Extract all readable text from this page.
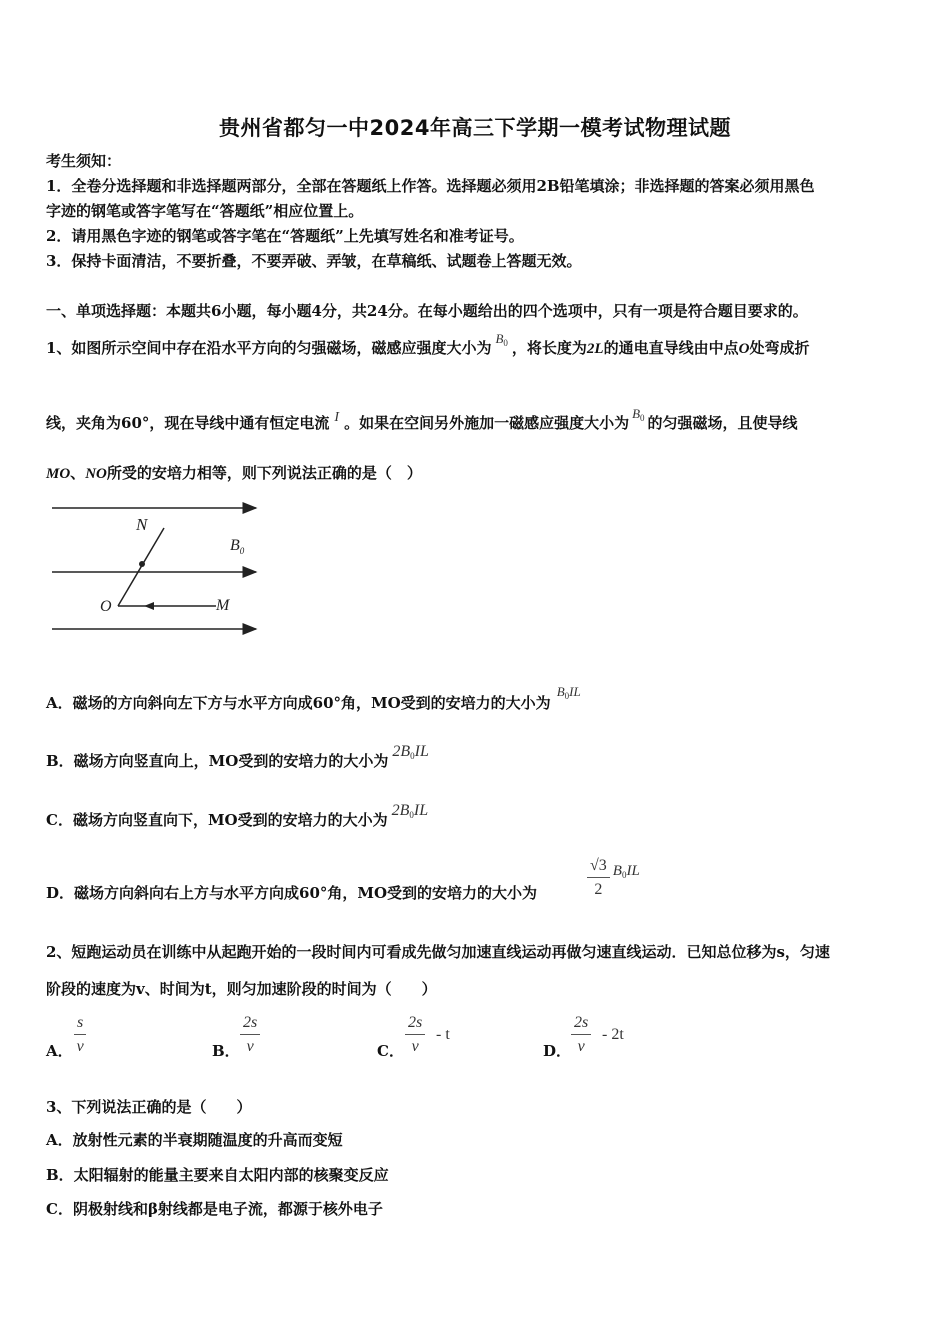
贵州省都匀一中2024年高三下学期一模考试物理试题
考生须知：
1．全卷分选择题和非选择题两部分，全部在答题纸上作答。选择题必须用2B铅笔填涂；非选择题的答案必须用黑色
字迹的钢笔或答字笔写在“答题纸”相应位置上。
2．请用黑色字迹的钢笔或答字笔在“答题纸”上先填写姓名和准考证号。
3．保持卡面清洁，不要折叠，不要弄破、弄皱，在草稿纸、试题卷上答题无效。
一、单项选择题：本题共6小题，每小题4分，共24分。在每小题给出的四个选项中，只有一项是符合题目要求的。
1、如图所示空间中存在沿水平方向的匀强磁场，磁感应强度大小为$B_0$ ，将长度为2L的通电直导线由中点O处弯成折
线，夹角为60°，现在导线中通有恒定电流 I 。如果在空间另外施加一磁感应强度大小为$B_0$ 的匀强磁场，且使导线
MO、NO所受的安培力相等，则下列说法正确的是（　）
N
$B_0$
O	M
A．磁场的方向斜向左下方与水平方向成60°角，MO受到的安培力的大小为$B_0IL$
B．磁场方向竖直向上，MO受到的安培力的大小为$2B_0IL$
C．磁场方向竖直向下，MO受到的安培力的大小为$2B_0IL$
D．磁场方向斜向右上方与水平方向成60°角，MO受到的安培力的大小为	$\frac{√3}{2} B_0IL$
2、短跑运动员在训练中从起跑开始的一段时间内可看成先做匀加速直线运动再做匀速直线运动．已知总位移为s，匀速
阶段的速度为v、时间为t，则匀加速阶段的时间为（　　）
A． $\frac{s}{v}$	B． $\frac{2s}{v}$	C． $\frac{2s}{v}$ - t
D． $\frac{2s}{v} - 2t$
3、下列说法正确的是（　　）
A．放射性元素的半衰期随温度的升高而变短
B．太阳辐射的能量主要来自太阳内部的核聚变反应
C．阴极射线和β射线都是电子流，都源于核外电子
